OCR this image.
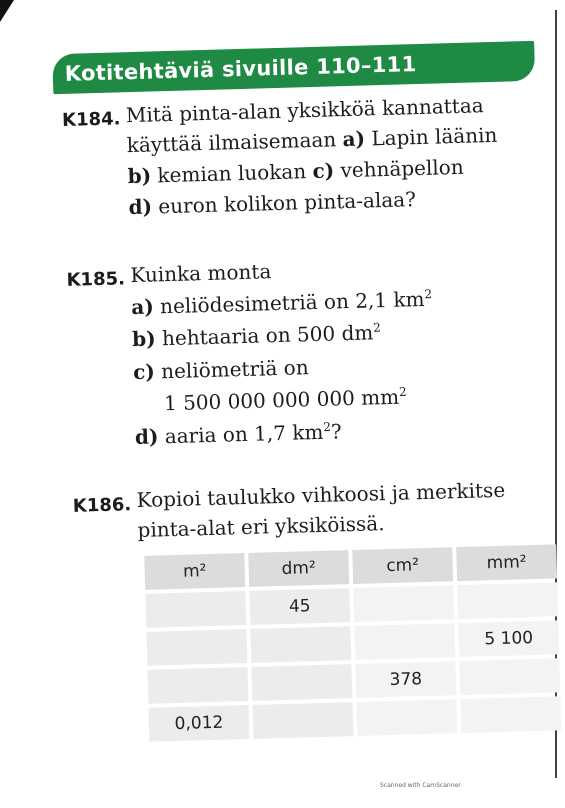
Kotitehtäviä sivuille 110–111
K184. Mitä pinta-alan yksikköä kannattaa
käyttää ilmaisemaan a) Lapin läänin
b) kemian luokan c) vehnäpellon
d) euron kolikon pinta-alaa?
K185. Kuinka monta
a) neliödesimetriä on 2,1 $km^2$
b) hehtaaria on 500 $dm^2$
c) neliömetriä on
1 500 000 000 000 $mm^2$
d) aaria on 1,7 $km^2$?
K186. Kopioi taulukko vihkoosi ja merkitse
pinta-alat eri yksiköissä.
m²	dm²	cm²	mm²
	45		
			5 100
		378	
0,012			
Scanned with CamScanner
